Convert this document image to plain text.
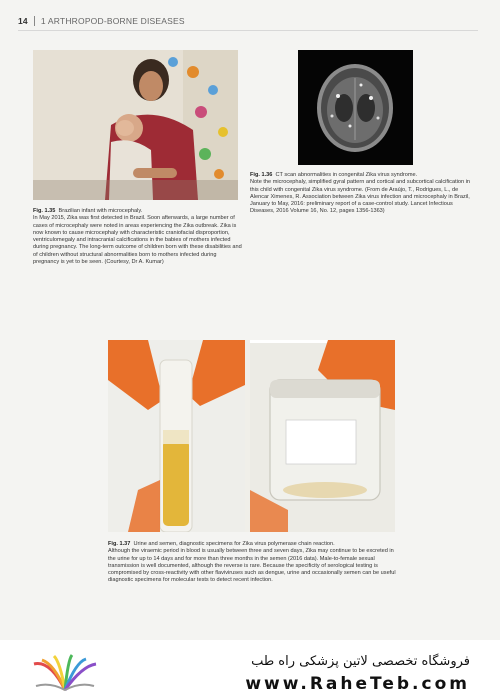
14 1 ARTHROPOD-BORNE DISEASES

Fig. 1.35 Brazilian infant with microcephaly.

In May 2015, Zika was first detected in Brazil. Soon afterwards, a large number of cases of microcephaly were noted in areas experiencing the Zika outbreak. Zika is now known to cause microcephaly with characteristic craniofacial disproportion, ventriculomegaly and intracranial calcifications in the babies of mothers infected during pregnancy. The long-term outcome of children born with these disabilities and of children without structural abnormalities born to mothers infected during pregnancy is yet to be seen. (Courtesy, Dr A. Kumar)

Fig. 1.36 CT scan abnormalities in congenital Zika virus syndrome.

Note the microcephaly, simplified gyral pattern and cortical and subcortical calcification in this child with congenital Zika virus syndrome. (From de Araújo, T., Rodrigues, L., de Alencar Ximenes, R. Association between Zika virus infection and microcephaly in Brazil, January to May, 2016: preliminary report of a case-control study. Lancet Infectious Diseases, 2016 Volume 16, No. 12, pages 1356-1363)

Fig. 1.37 Urine and semen, diagnostic specimens for Zika virus polymerase chain reaction.

Although the viraemic period in blood is usually between three and seven days, Zika may continue to be excreted in the urine for up to 14 days and for more than three months in the semen (2016 data). Male-to-female sexual transmission is well documented, although the reverse is rare. Because the specificity of serological testing is compromised by cross-reactivity with other flaviviruses such as dengue, urine and occasionally semen can be useful diagnostic specimens for molecular tests to detect recent infection.

فروشگاه تخصصی لاتین پزشکی راه طب
www.RaheTeb.com
